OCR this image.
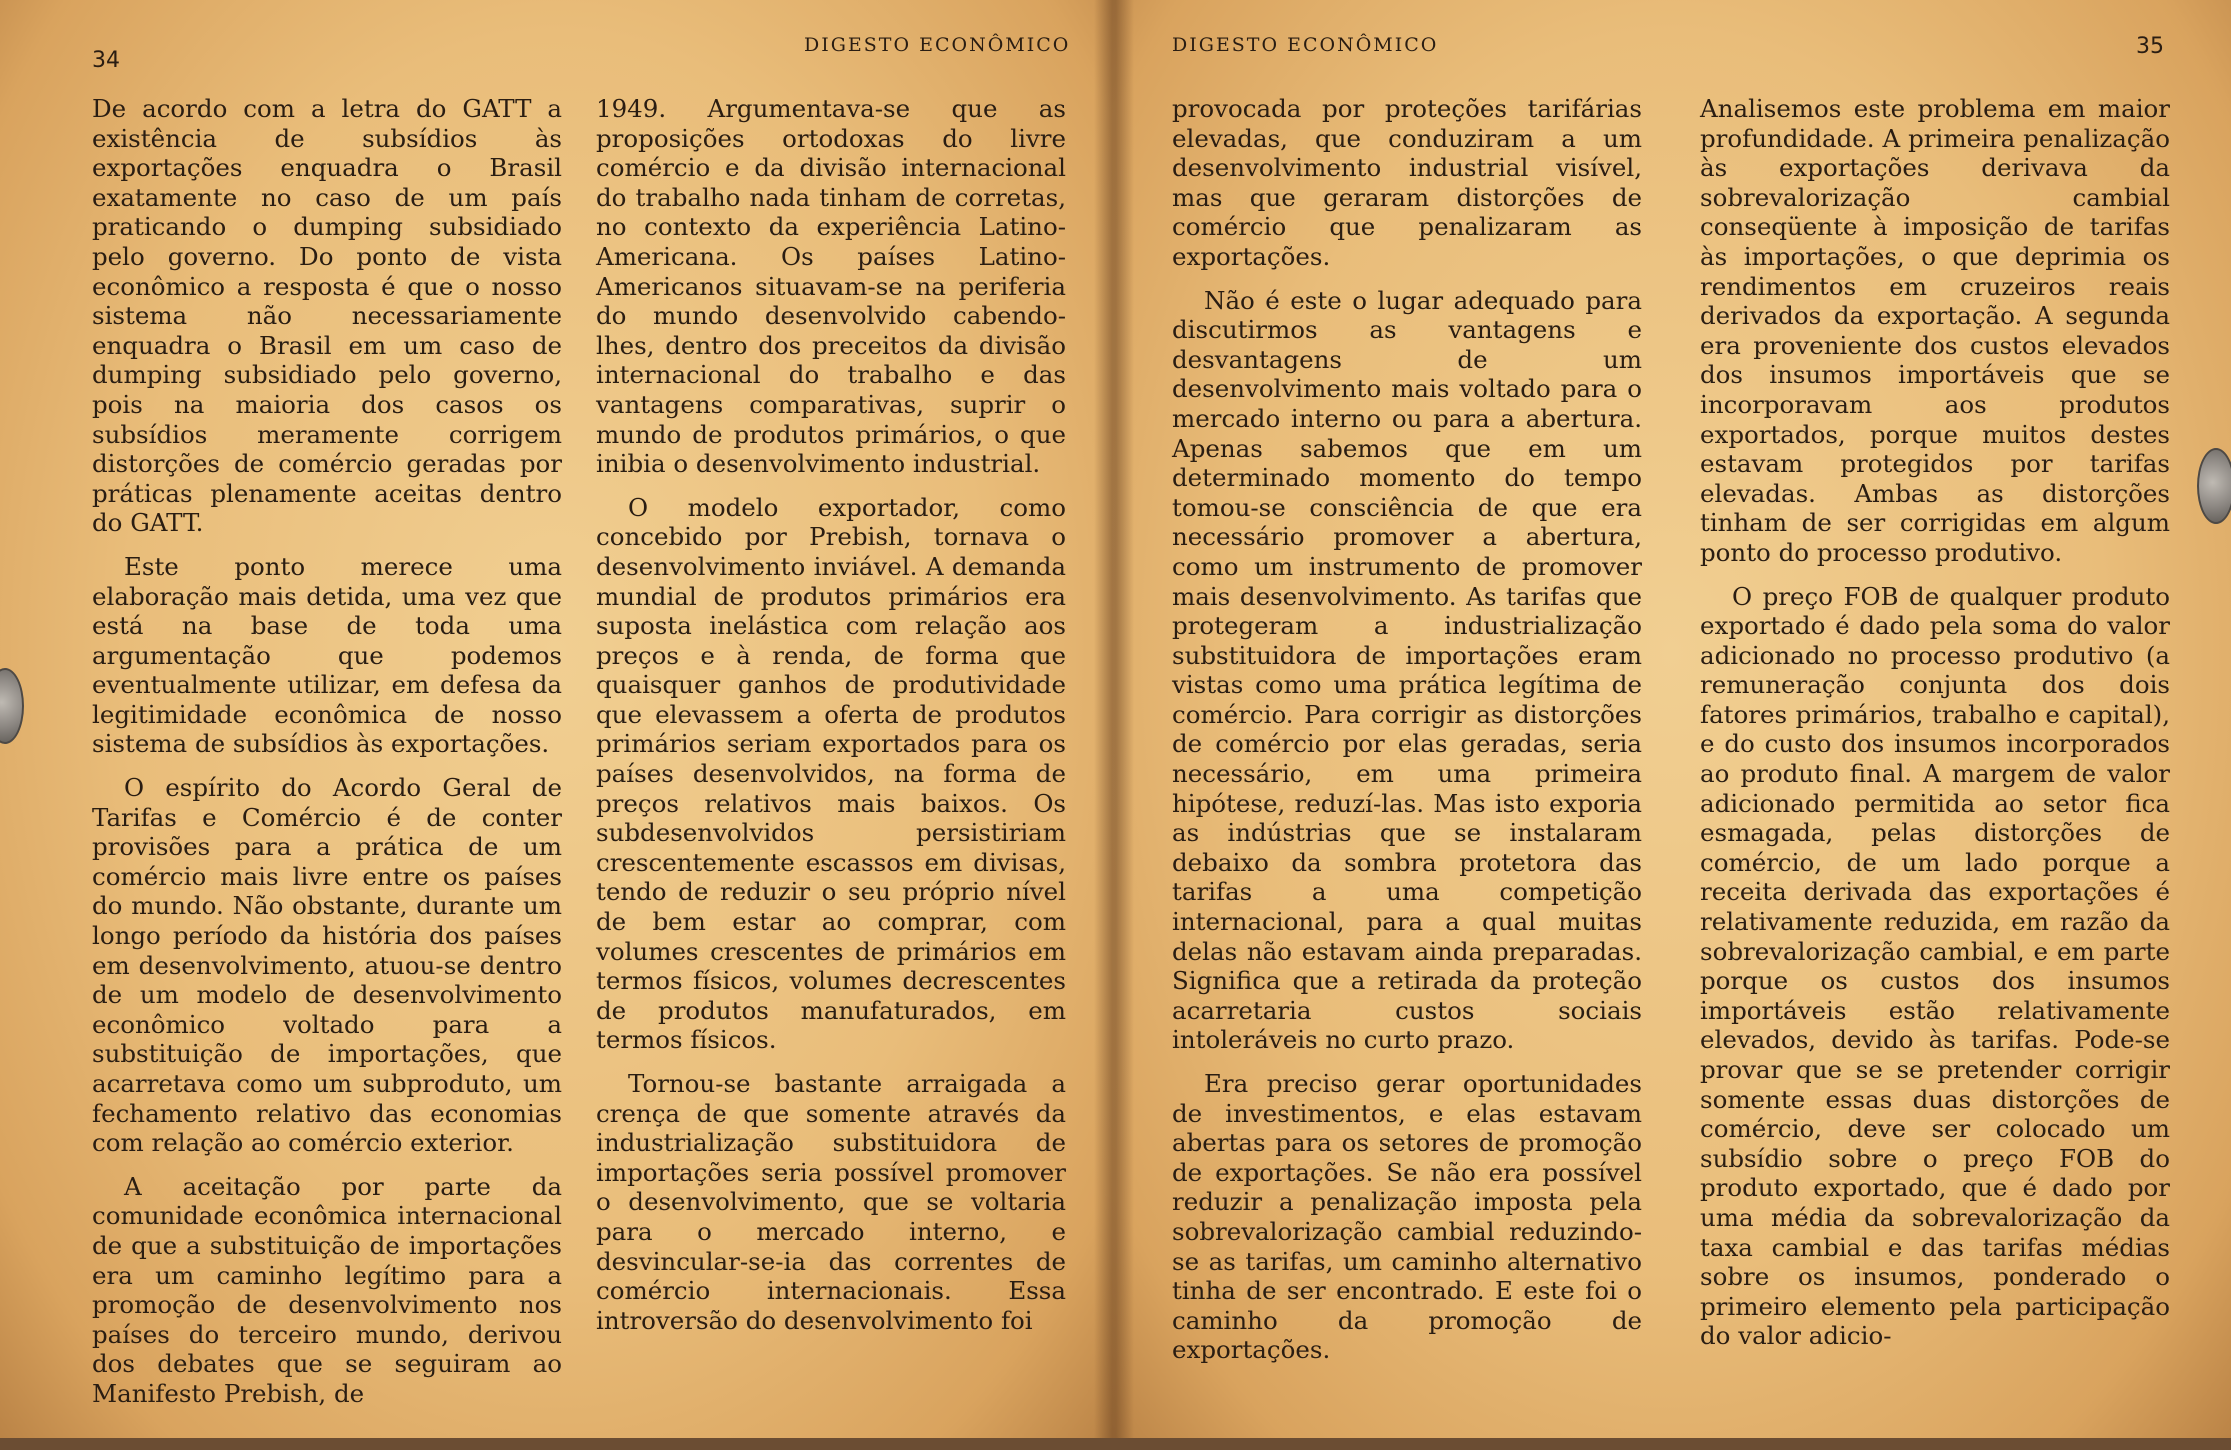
34
DIGESTO ECONÔMICO

De acordo com a letra do GATT a existência de subsídios às exportações enquadra o Brasil exatamente no caso de um país praticando o dumping subsidiado pelo governo. Do ponto de vista econômico a resposta é que o nosso sistema não necessariamente enquadra o Brasil em um caso de dumping subsidiado pelo governo, pois na maioria dos casos os subsídios meramente corrigem distorções de comércio geradas por práticas plenamente aceitas dentro do GATT.

Este ponto merece uma elaboração mais detida, uma vez que está na base de toda uma argumentação que podemos eventualmente utilizar, em defesa da legitimidade econômica de nosso sistema de subsídios às exportações.

O espírito do Acordo Geral de Tarifas e Comércio é de conter provisões para a prática de um comércio mais livre entre os países do mundo. Não obstante, durante um longo período da história dos países em desenvolvimento, atuou-se dentro de um modelo de desenvolvimento econômico voltado para a substituição de importações, que acarretava como um subproduto, um fechamento relativo das economias com relação ao comércio exterior.

A aceitação por parte da comunidade econômica internacional de que a substituição de importações era um caminho legítimo para a promoção de desenvolvimento nos países do terceiro mundo, derivou dos debates que se seguiram ao Manifesto Prebish, de

1949. Argumentava-se que as proposições ortodoxas do livre comércio e da divisão internacional do trabalho nada tinham de corretas, no contexto da experiência Latino-Americana. Os países Latino-Americanos situavam-se na periferia do mundo desenvolvido cabendo-lhes, dentro dos preceitos da divisão internacional do trabalho e das vantagens comparativas, suprir o mundo de produtos primários, o que inibia o desenvolvimento industrial.

O modelo exportador, como concebido por Prebish, tornava o desenvolvimento inviável. A demanda mundial de produtos primários era suposta inelástica com relação aos preços e à renda, de forma que quaisquer ganhos de produtividade que elevassem a oferta de produtos primários seriam exportados para os países desenvolvidos, na forma de preços relativos mais baixos. Os subdesenvolvidos persistiriam crescentemente escassos em divisas, tendo de reduzir o seu próprio nível de bem estar ao comprar, com volumes crescentes de primários em termos físicos, volumes decrescentes de produtos manufaturados, em termos físicos.

Tornou-se bastante arraigada a crença de que somente através da industrialização substituidora de importações seria possível promover o desenvolvimento, que se voltaria para o mercado interno, e desvincular-se-ia das correntes de comércio internacionais. Essa introversão do desenvolvimento foi

DIGESTO ECONÔMICO	35

provocada por proteções tarifárias elevadas, que conduziram a um desenvolvimento industrial visível, mas que geraram distorções de comércio que penalizaram as exportações.

Não é este o lugar adequado para discutirmos as vantagens e desvantagens de um desenvolvimento mais voltado para o mercado interno ou para a abertura. Apenas sabemos que em um determinado momento do tempo tomou-se consciência de que era necessário promover a abertura, como um instrumento de promover mais desenvolvimento. As tarifas que protegeram a industrialização substituidora de importações eram vistas como uma prática legítima de comércio. Para corrigir as distorções de comércio por elas geradas, seria necessário, em uma primeira hipótese, reduzí-las. Mas isto exporia as indústrias que se instalaram debaixo da sombra protetora das tarifas a uma competição internacional, para a qual muitas delas não estavam ainda preparadas. Significa que a retirada da proteção acarretaria custos sociais intoleráveis no curto prazo.

Era preciso gerar oportunidades de investimentos, e elas estavam abertas para os setores de promoção de exportações. Se não era possível reduzir a penalização imposta pela sobrevalorização cambial reduzindo-se as tarifas, um caminho alternativo tinha de ser encontrado. E este foi o caminho da promoção de exportações.

Analisemos este problema em maior profundidade. A primeira penalização às exportações derivava da sobrevalorização cambial conseqüente à imposição de tarifas às importações, o que deprimia os rendimentos em cruzeiros reais derivados da exportação. A segunda era proveniente dos custos elevados dos insumos importáveis que se incorporavam aos produtos exportados, porque muitos destes estavam protegidos por tarifas elevadas. Ambas as distorções tinham de ser corrigidas em algum ponto do processo produtivo.

O preço FOB de qualquer produto exportado é dado pela soma do valor adicionado no processo produtivo (a remuneração conjunta dos dois fatores primários, trabalho e capital), e do custo dos insumos incorporados ao produto final. A margem de valor adicionado permitida ao setor fica esmagada, pelas distorções de comércio, de um lado porque a receita derivada das exportações é relativamente reduzida, em razão da sobrevalorização cambial, e em parte porque os custos dos insumos importáveis estão relativamente elevados, devido às tarifas. Pode-se provar que se se pretender corrigir somente essas duas distorções de comércio, deve ser colocado um subsídio sobre o preço FOB do produto exportado, que é dado por uma média da sobrevalorização da taxa cambial e das tarifas médias sobre os insumos, ponderado o primeiro elemento pela participação do valor adicio-
